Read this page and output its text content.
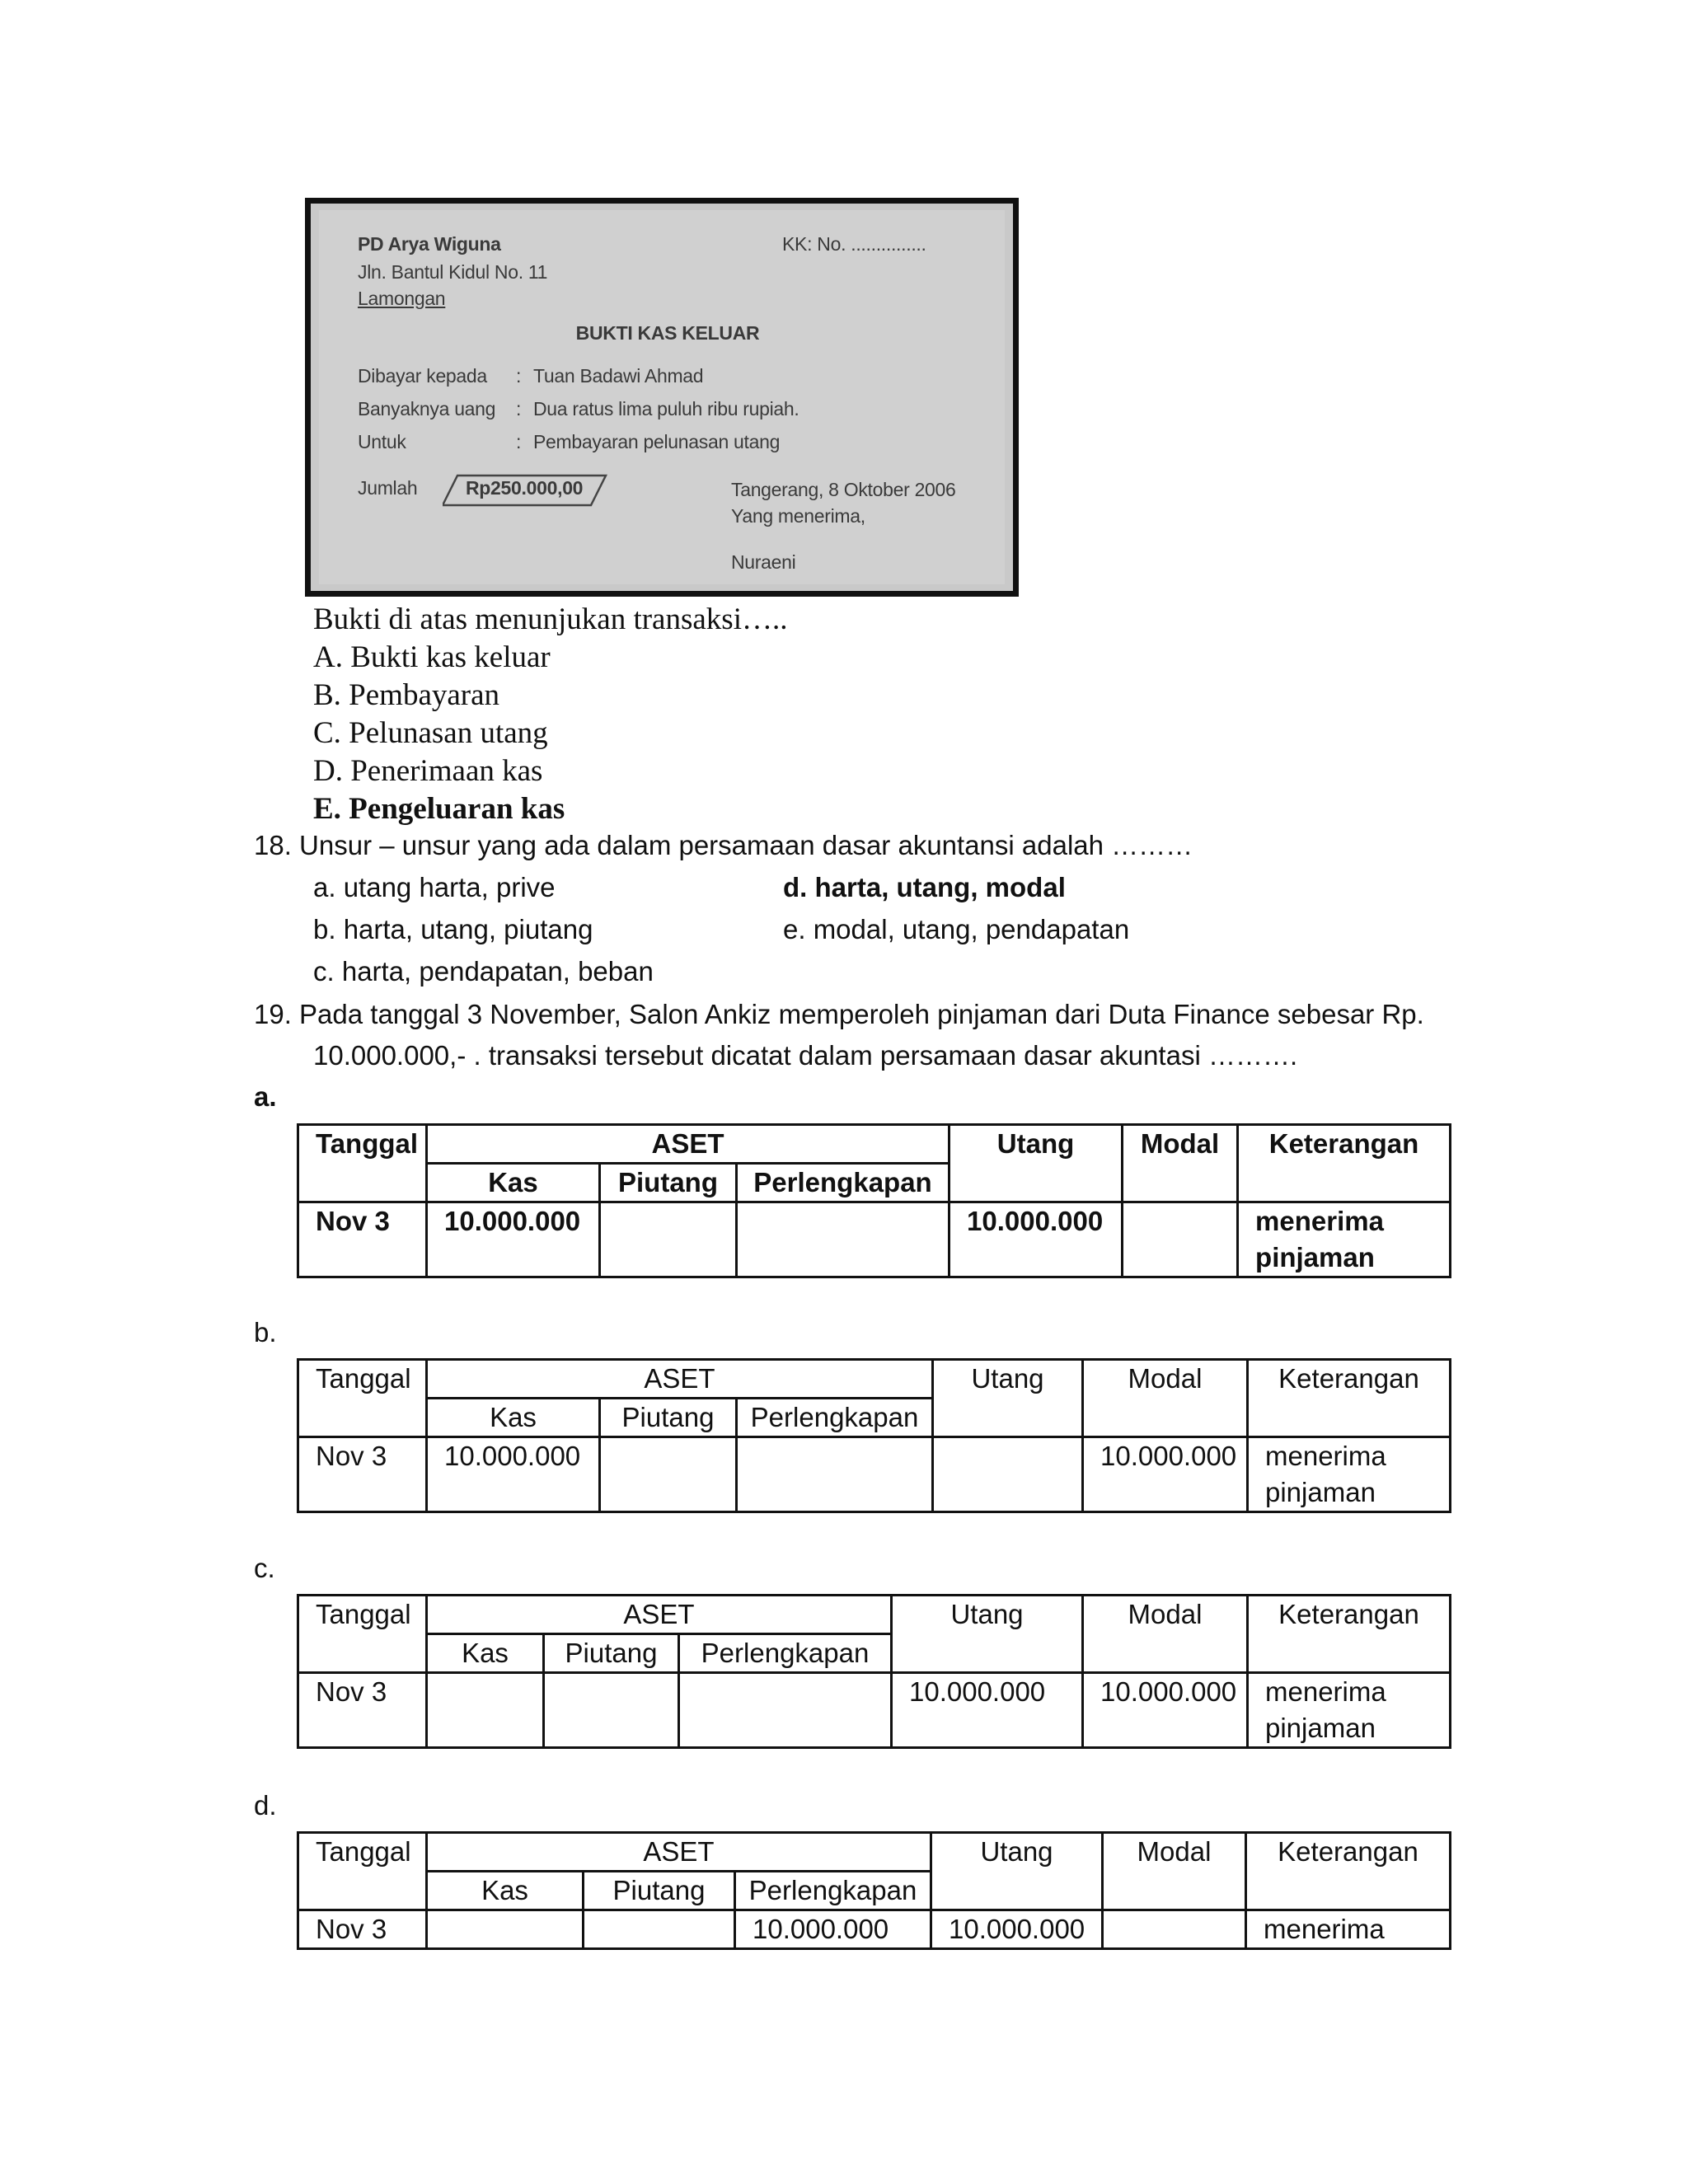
PD Arya Wiguna	KK: No. ...............
Jln. Bantul Kidul No. 11
Lamongan
BUKTI KAS KELUAR
Dibayar kepada : Tuan Badawi Ahmad
Banyaknya uang : Dua ratus lima puluh ribu rupiah.
Untuk	: Pembayaran pelunasan utang
Jumlah	Rp250.000,00	Tangerang, 8 Oktober 2006
Yang menerima,
Nuraeni
Bukti di atas menunjukan transaksi…..
A. Bukti kas keluar
B. Pembayaran
C. Pelunasan utang
D. Penerimaan kas
E. Pengeluaran kas
18. Unsur – unsur yang ada dalam persamaan dasar akuntansi adalah ………
a. utang harta, prive	d. harta, utang, modal
b. harta, utang, piutang	e. modal, utang, pendapatan
c. harta, pendapatan, beban
19. Pada tanggal 3 November, Salon Ankiz memperoleh pinjaman dari Duta Finance sebesar Rp.
10.000.000,- . transaksi tersebut dicatat dalam persamaan dasar akuntasi ……….
a.
Tanggal	ASET			Utang	Modal	Keterangan
	Kas	Piutang	Perlengkapan			
Nov 3	10.000.000			10.000.000		menerima
pinjaman
b.
Tanggal	ASET			Utang	Modal	Keterangan
	Kas	Piutang	Perlengkapan			
Nov 3	10.000.000				10.000.000	menerima
pinjaman
c.
Tanggal	ASET			Utang	Modal	Keterangan
	Kas	Piutang	Perlengkapan			
Nov 3				10.000.000	10.000.000	menerima
pinjaman
d.
Tanggal	ASET			Utang	Modal	Keterangan
	Kas	Piutang	Perlengkapan			
Nov 3			10.000.000	10.000.000		menerima
